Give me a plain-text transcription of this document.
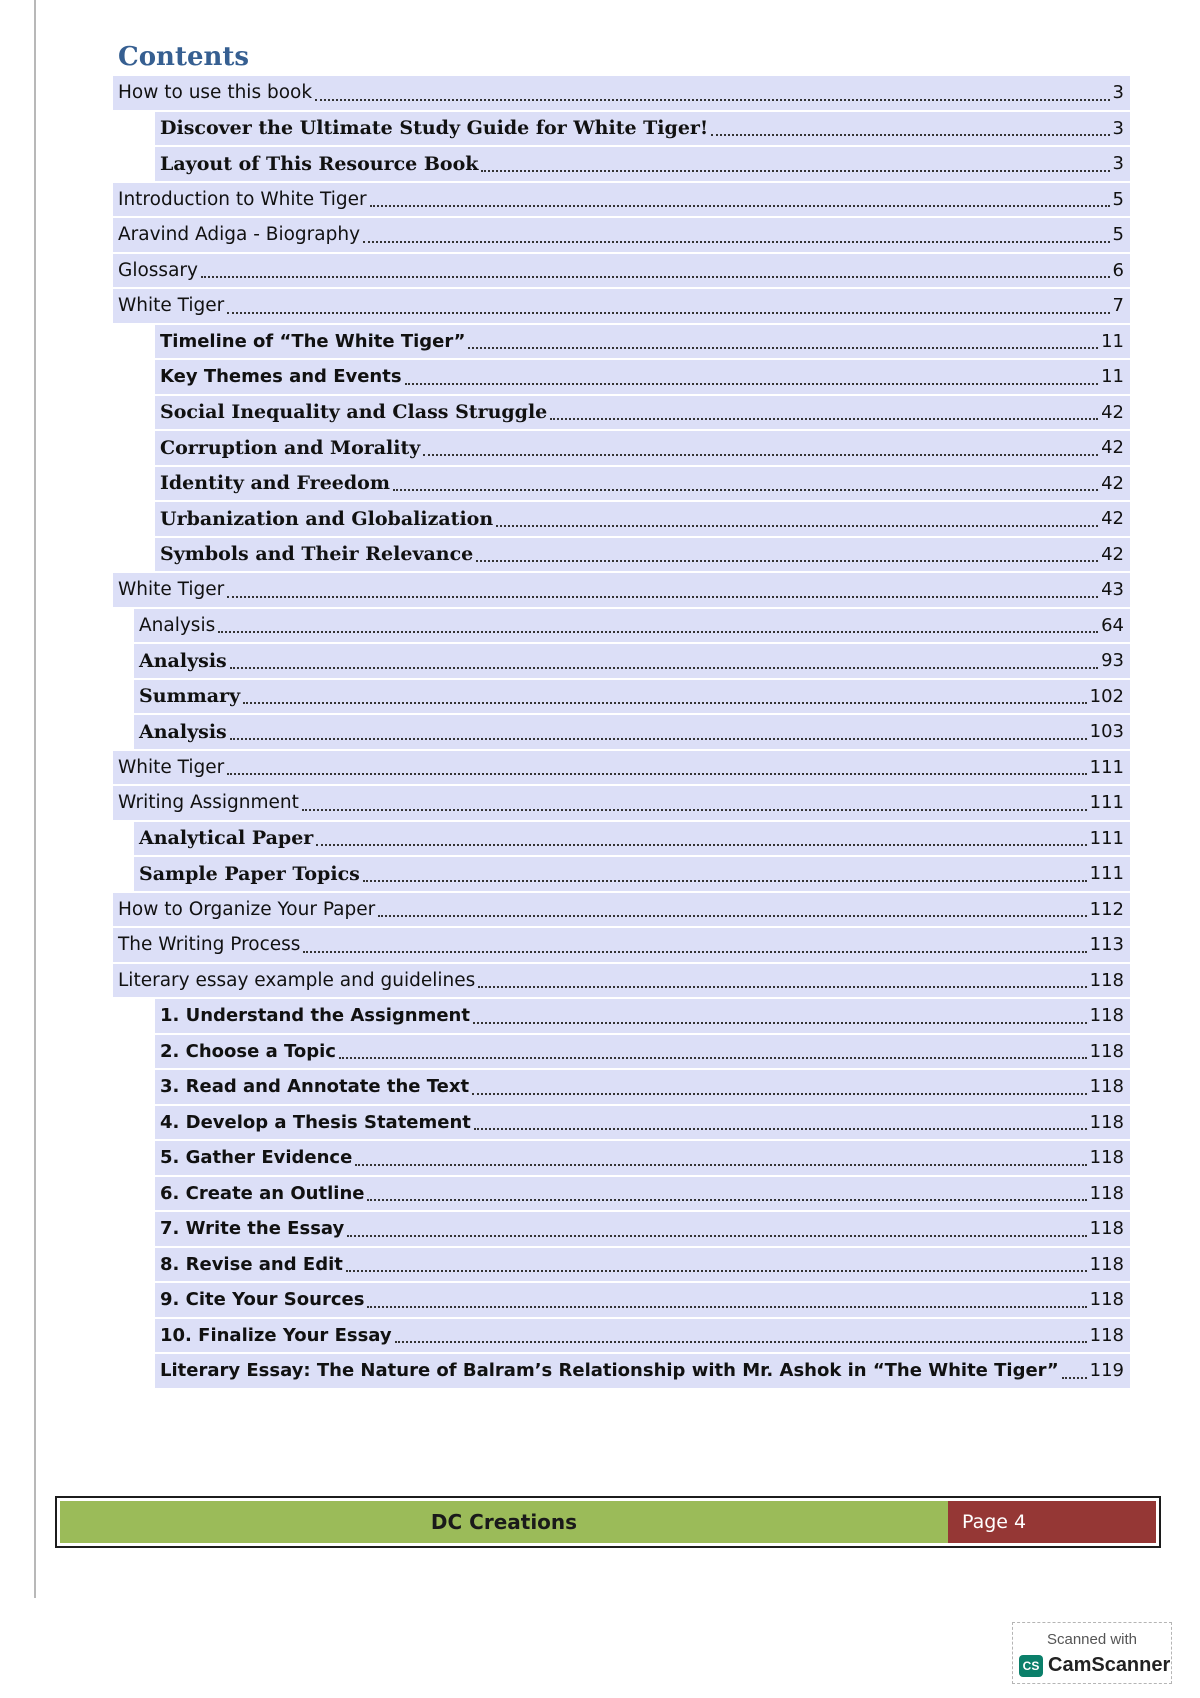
Contents
How to use this book	3
Discover the Ultimate Study Guide for White Tiger!	3
Layout of This Resource Book	3
Introduction to White Tiger	5
Aravind Adiga - Biography	5
Glossary	6
White Tiger	7
Timeline of “The White Tiger”	11
Key Themes and Events	11
Social Inequality and Class Struggle	42
Corruption and Morality	42
Identity and Freedom	42
Urbanization and Globalization	42
Symbols and Their Relevance	42
White Tiger	43
Analysis	64
Analysis	93
Summary	102
Analysis	103
White Tiger	111
Writing Assignment	111
Analytical Paper	111
Sample Paper Topics	111
How to Organize Your Paper	112
The Writing Process	113
Literary essay example and guidelines	118
1. Understand the Assignment	118
2. Choose a Topic	118
3. Read and Annotate the Text	118
4. Develop a Thesis Statement	118
5. Gather Evidence	118
6. Create an Outline	118
7. Write the Essay	118
8. Revise and Edit	118
9. Cite Your Sources	118
10. Finalize Your Essay	118
Literary Essay: The Nature of Balram’s Relationship with Mr. Ashok in “The White Tiger” 119
DC Creations	Page 4
Scanned with
CS CamScanner
